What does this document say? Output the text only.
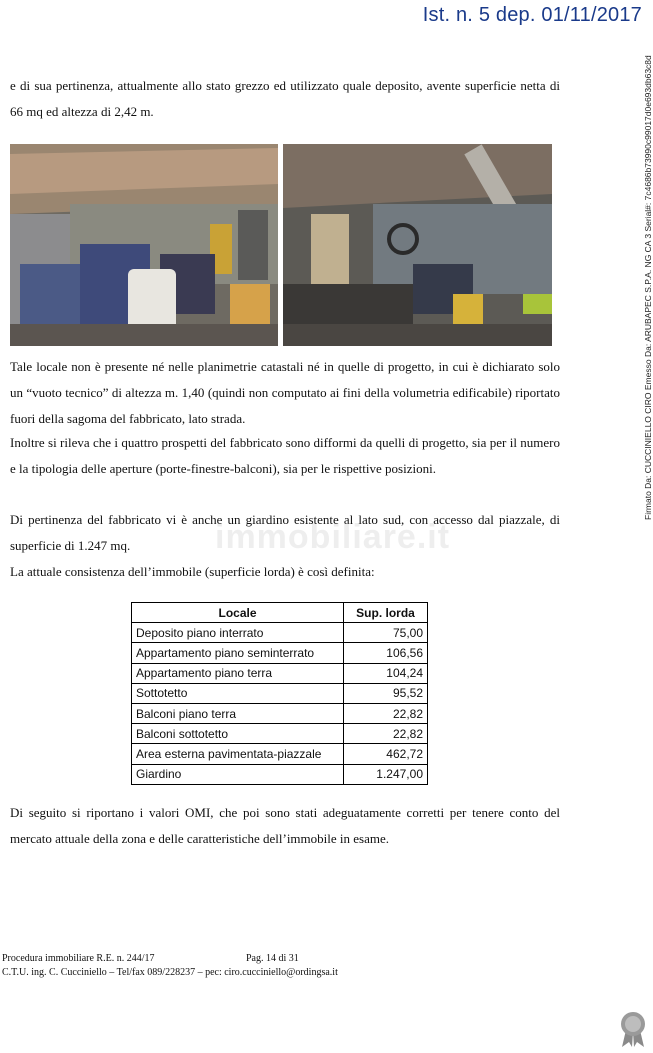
Ist. n. 5 dep. 01/11/2017

e di sua pertinenza, attualmente allo stato grezzo ed utilizzato quale deposito, avente superficie netta di 66 mq ed altezza di 2,42 m.

Tale locale non è presente né nelle planimetrie catastali né in quelle di progetto, in cui è dichiarato solo un “vuoto tecnico” di altezza m. 1,40 (quindi non computato ai fini della volumetria edificabile) riportato fuori della sagoma del fabbricato, lato strada.

Inoltre si rileva che i quattro prospetti del fabbricato sono difformi da quelli di progetto, sia per il numero e la tipologia delle aperture (porte-finestre-balconi), sia per le rispettive posizioni.

Di pertinenza del fabbricato vi è anche un giardino esistente al lato sud, con accesso dal piazzale, di superficie di 1.247 mq.

La attuale consistenza dell’immobile (superficie lorda) è così definita:

immobiliare.it
Locale	Sup. lorda
Deposito piano interrato	75,00
Appartamento piano seminterrato	106,56
Appartamento piano terra	104,24
Sottotetto	95,52
Balconi piano terra	22,82
Balconi sottotetto	22,82
Area esterna pavimentata-piazzale	462,72
Giardino	1.247,00

Di seguito si riportano i valori OMI, che poi sono stati adeguatamente corretti per tenere conto del mercato attuale della zona e delle caratteristiche dell’immobile in esame.

Procedura immobiliare R.E. n. 244/17	Pag. 14 di 31
C.T.U. ing. C. Cucciniello – Tel/fax 089/228237 – pec: ciro.cucciniello@ordingsa.it
Firmato Da: CUCCINIELLO CIRO Emesso Da: ARUBAPEC S.P.A. NG CA 3 Serial#: 7c4686b73990c99017d0e693db63c8d
